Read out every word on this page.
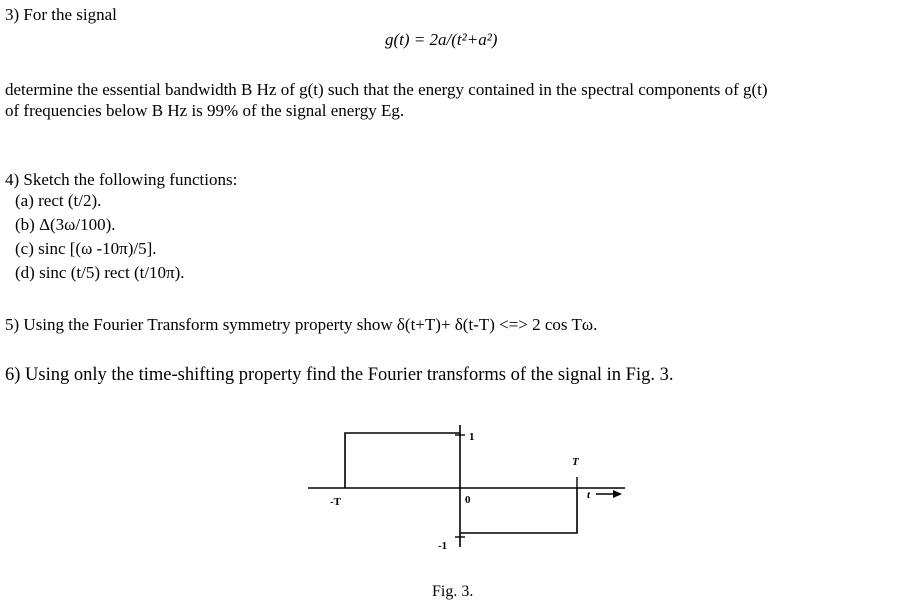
3) For the signal
g(t) = 2a/(t²+a²)
determine the essential bandwidth B Hz of g(t) such that the energy contained in the spectral components of g(t)
of frequencies below B Hz is 99% of the signal energy Eg.
4) Sketch the following functions:
(a) rect (t/2).
(b) Δ(3ω/100).
(c) sinc [(ω -10π)/5].
(d) sinc (t/5) rect (t/10π).
5) Using the Fourier Transform symmetry property show δ(t+T)+ δ(t-T) <=> 2 cos Tω.
6) Using only the time-shifting property find the Fourier transforms of the signal in Fig. 3.
1
T
-T	0	t
-1
Fig. 3.
